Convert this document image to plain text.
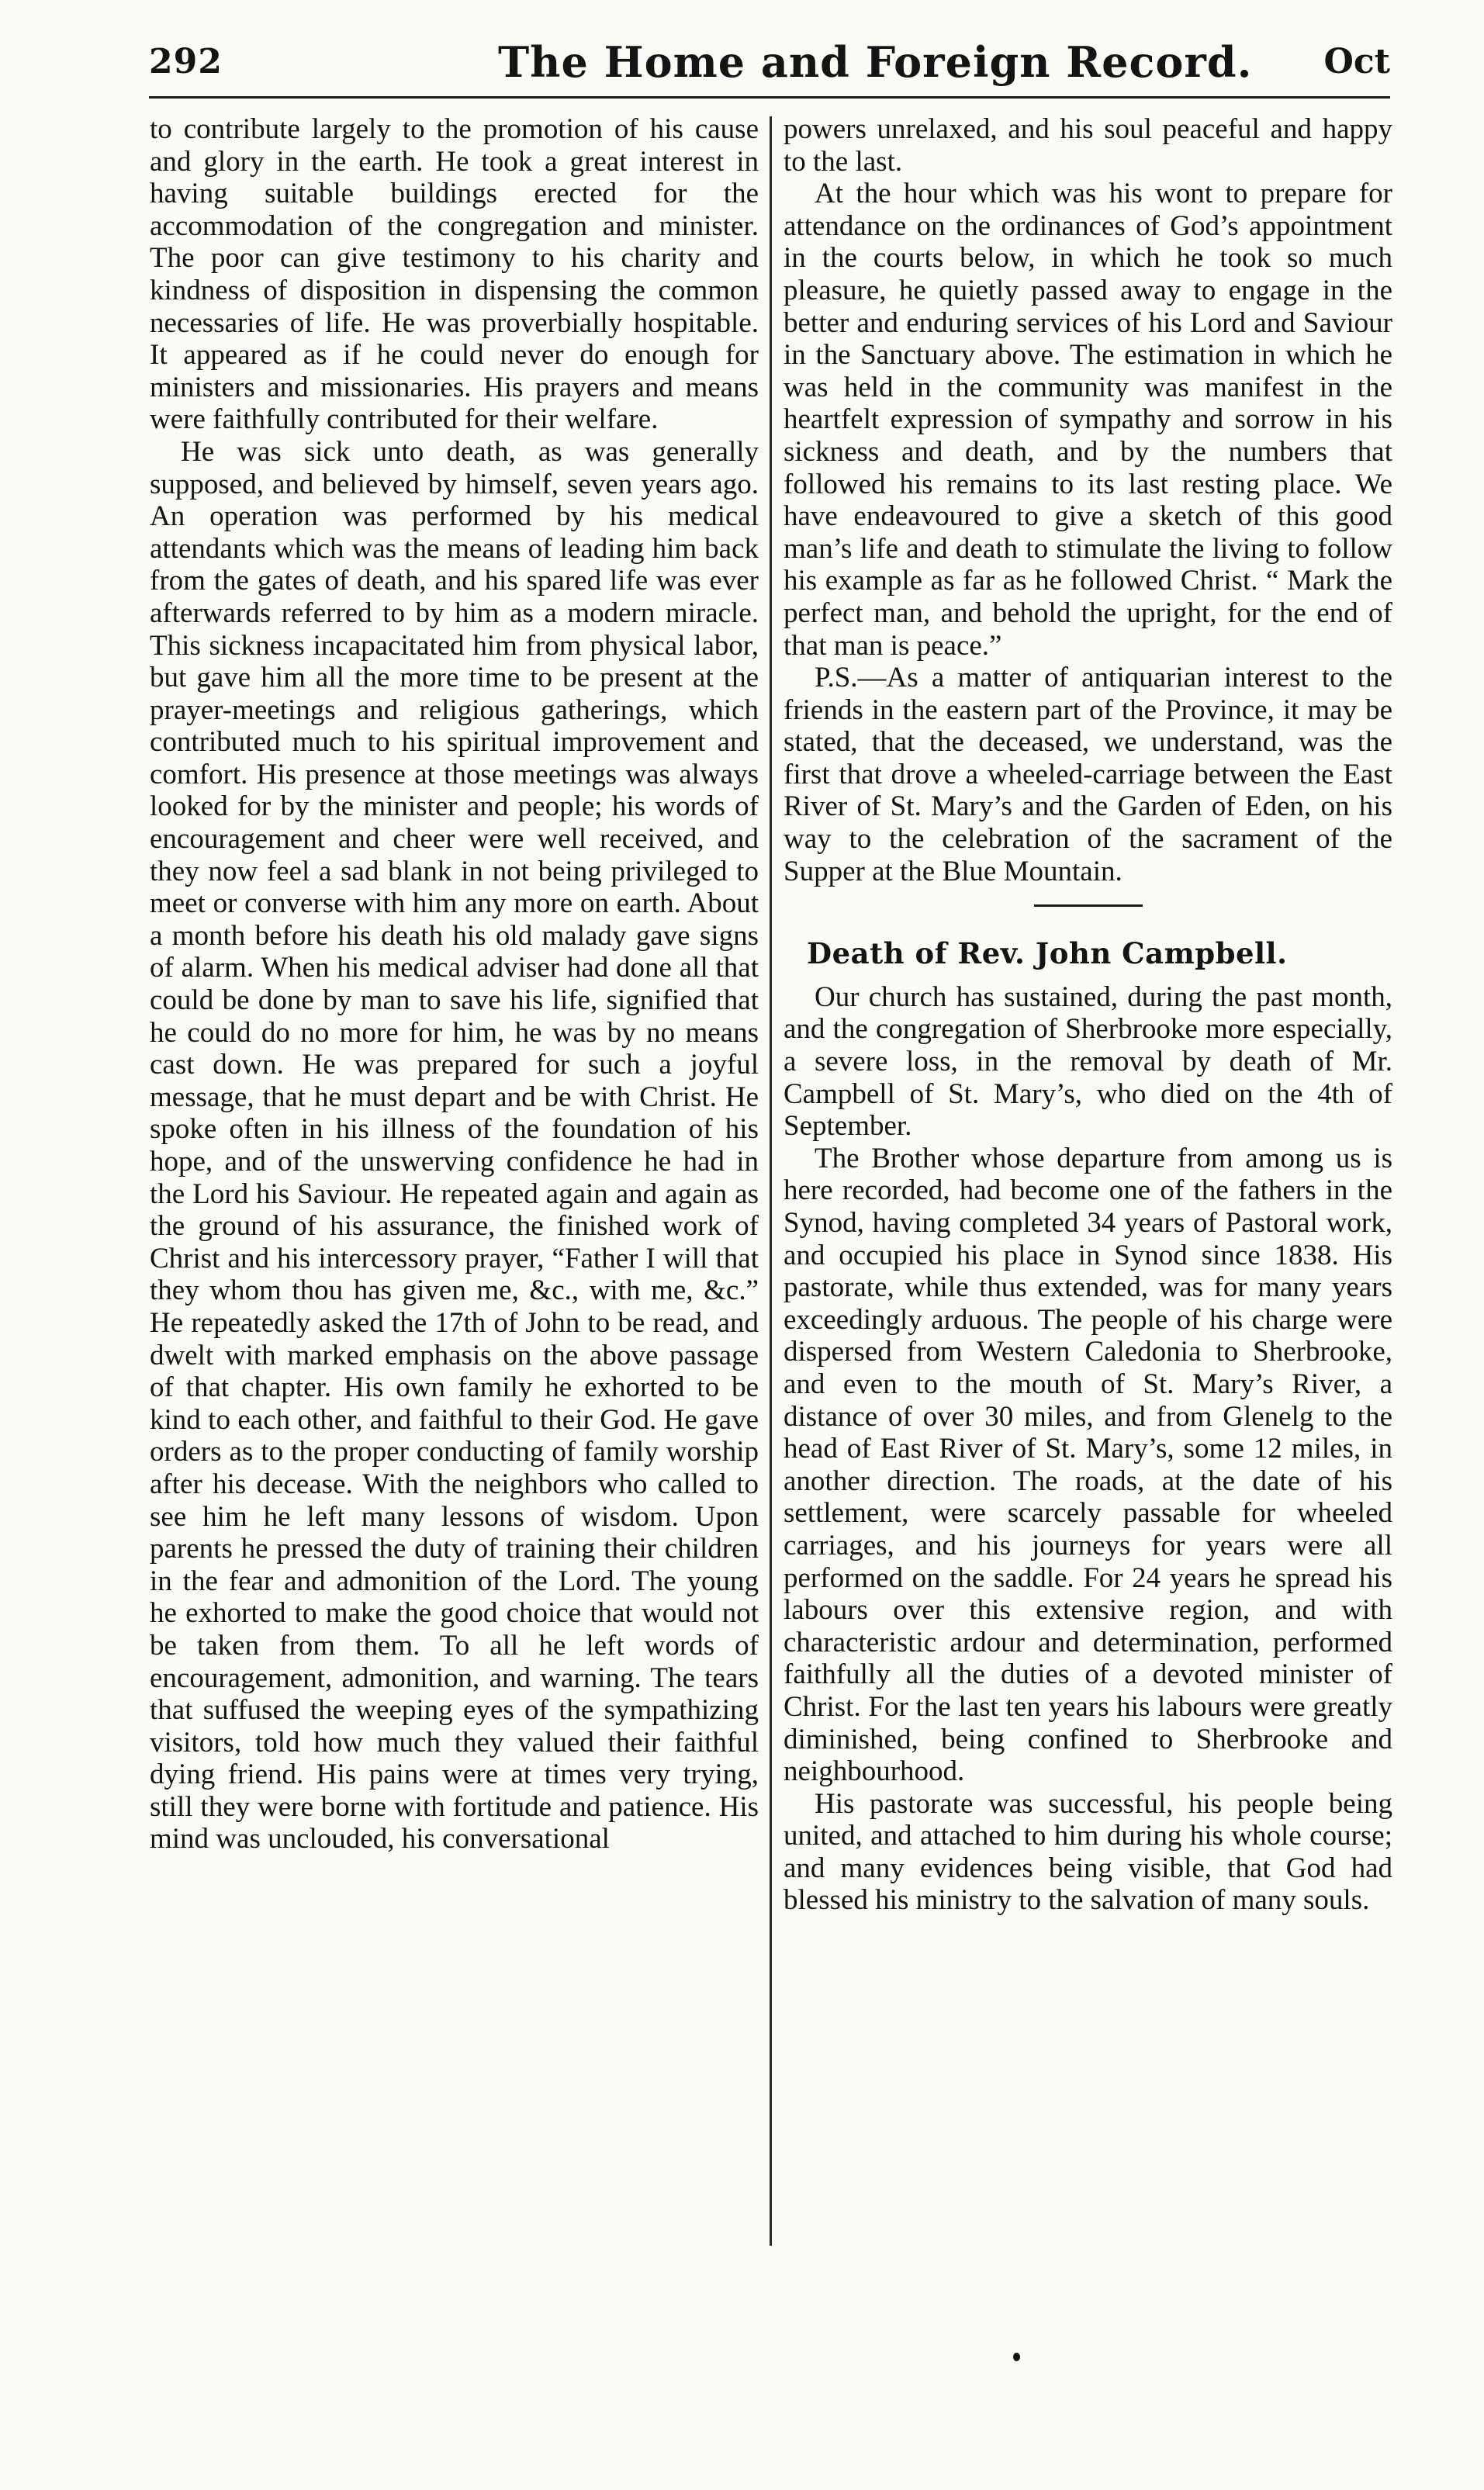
292	The Home and Foreign Record. Oct

to contribute largely to the promotion of his cause and glory in the earth. He took a great interest in having suitable buildings erected for the accommodation of the congregation and minister. The poor can give testimony to his charity and kindness of disposition in dispensing the common necessaries of life. He was proverbially hospitable. It appeared as if he could never do enough for ministers and missionaries. His prayers and means were faithfully contributed for their welfare.

He was sick unto death, as was generally supposed, and believed by himself, seven years ago. An operation was performed by his medical attendants which was the means of leading him back from the gates of death, and his spared life was ever afterwards referred to by him as a modern miracle. This sickness incapacitated him from physical labor, but gave him all the more time to be present at the prayer-meetings and religious gatherings, which contributed much to his spiritual improvement and comfort. His presence at those meetings was always looked for by the minister and people; his words of encouragement and cheer were well received, and they now feel a sad blank in not being privileged to meet or converse with him any more on earth. About a month before his death his old malady gave signs of alarm. When his medical adviser had done all that could be done by man to save his life, signified that he could do no more for him, he was by no means cast down. He was prepared for such a joyful message, that he must depart and be with Christ. He spoke often in his illness of the foundation of his hope, and of the unswerving confidence he had in the Lord his Saviour. He repeated again and again as the ground of his assurance, the finished work of Christ and his intercessory prayer, “Father I will that they whom thou has given me, &c., with me, &c.” He repeatedly asked the 17th of John to be read, and dwelt with marked emphasis on the above passage of that chapter. His own family he exhorted to be kind to each other, and faithful to their God. He gave orders as to the proper conducting of family worship after his decease. With the neighbors who called to see him he left many lessons of wisdom. Upon parents he pressed the duty of training their children in the fear and admonition of the Lord. The young he exhorted to make the good choice that would not be taken from them. To all he left words of encouragement, admonition, and warning. The tears that suffused the weeping eyes of the sympathizing visitors, told how much they valued their faithful dying friend. His pains were at times very trying, still they were borne with fortitude and patience. His mind was unclouded, his conversational

powers unrelaxed, and his soul peaceful and happy to the last.

At the hour which was his wont to prepare for attendance on the ordinances of God’s appointment in the courts below, in which he took so much pleasure, he quietly passed away to engage in the better and enduring services of his Lord and Saviour in the Sanctuary above. The estimation in which he was held in the community was manifest in the heartfelt expression of sympathy and sorrow in his sickness and death, and by the numbers that followed his remains to its last resting place. We have endeavoured to give a sketch of this good man’s life and death to stimulate the living to follow his example as far as he followed Christ. “ Mark the perfect man, and behold the upright, for the end of that man is peace.”

P.S.—As a matter of antiquarian interest to the friends in the eastern part of the Province, it may be stated, that the deceased, we understand, was the first that drove a wheeled-carriage between the East River of St. Mary’s and the Garden of Eden, on his way to the celebration of the sacrament of the Supper at the Blue Mountain.

Death of Rev. John Campbell.

Our church has sustained, during the past month, and the congregation of Sherbrooke more especially, a severe loss, in the removal by death of Mr. Campbell of St. Mary’s, who died on the 4th of September.

The Brother whose departure from among us is here recorded, had become one of the fathers in the Synod, having completed 34 years of Pastoral work, and occupied his place in Synod since 1838. His pastorate, while thus extended, was for many years exceedingly arduous. The people of his charge were dispersed from Western Caledonia to Sherbrooke, and even to the mouth of St. Mary’s River, a distance of over 30 miles, and from Glenelg to the head of East River of St. Mary’s, some 12 miles, in another direction. The roads, at the date of his settlement, were scarcely passable for wheeled carriages, and his journeys for years were all performed on the saddle. For 24 years he spread his labours over this extensive region, and with characteristic ardour and determination, performed faithfully all the duties of a devoted minister of Christ. For the last ten years his labours were greatly diminished, being confined to Sherbrooke and neighbourhood.

His pastorate was successful, his people being united, and attached to him during his whole course; and many evidences being visible, that God had blessed his ministry to the salvation of many souls.
